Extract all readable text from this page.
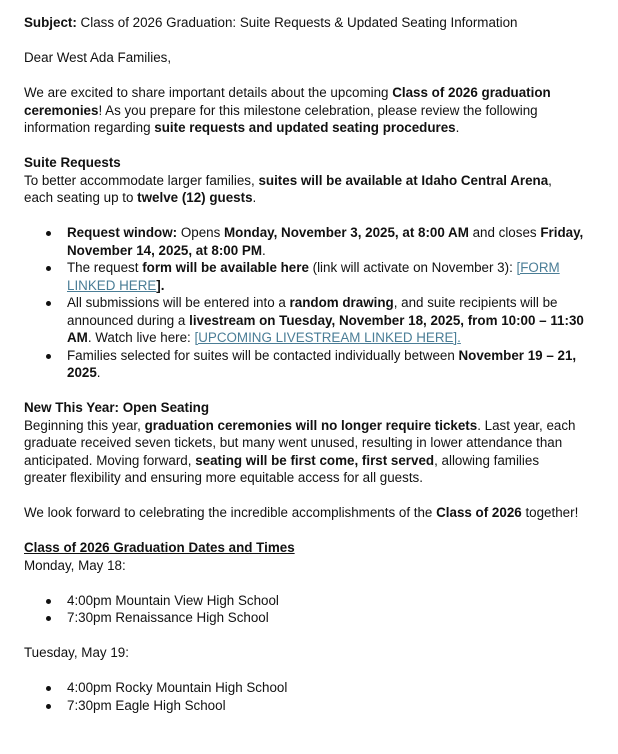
Subject: Class of 2026 Graduation: Suite Requests & Updated Seating Information

Dear West Ada Families,

We are excited to share important details about the upcoming Class of 2026 graduation ceremonies! As you prepare for this milestone celebration, please review the following information regarding suite requests and updated seating procedures.

Suite Requests

To better accommodate larger families, suites will be available at Idaho Central Arena, each seating up to twelve (12) guests.

Request window: Opens Monday, November 3, 2025, at 8:00 AM and closes Friday, November 14, 2025, at 8:00 PM.
The request form will be available here (link will activate on November 3): [FORM LINKED HERE].
All submissions will be entered into a random drawing, and suite recipients will be announced during a livestream on Tuesday, November 18, 2025, from 10:00 – 11:30 AM. Watch live here: [UPCOMING LIVESTREAM LINKED HERE].
Families selected for suites will be contacted individually between November 19 – 21, 2025.

New This Year: Open Seating

Beginning this year, graduation ceremonies will no longer require tickets. Last year, each graduate received seven tickets, but many went unused, resulting in lower attendance than anticipated. Moving forward, seating will be first come, first served, allowing families greater flexibility and ensuring more equitable access for all guests.

We look forward to celebrating the incredible accomplishments of the Class of 2026 together!

Class of 2026 Graduation Dates and Times

Monday, May 18:

4:00pm Mountain View High School
7:30pm Renaissance High School

Tuesday, May 19:

4:00pm Rocky Mountain High School
7:30pm Eagle High School
